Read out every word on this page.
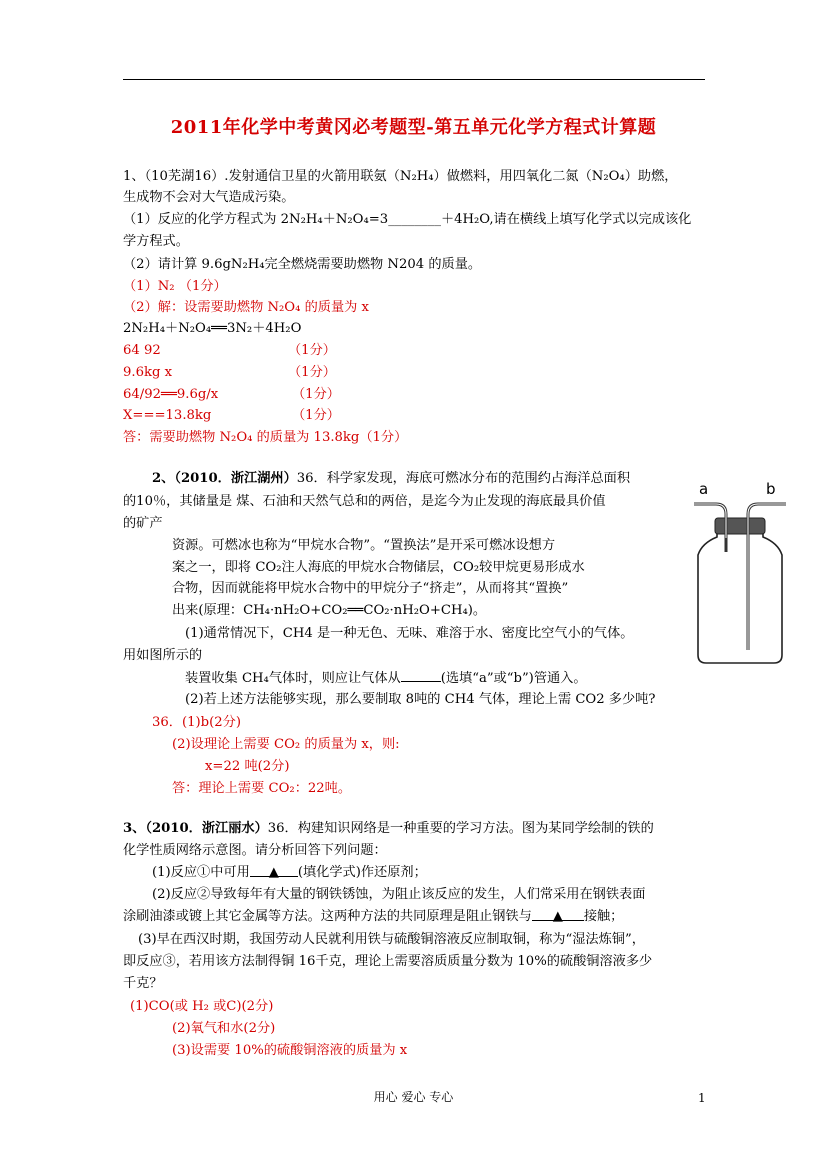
2011年化学中考黄冈必考题型-第五单元化学方程式计算题
1、（10芜湖16）.发射通信卫星的火箭用联氨（N₂H₄）做燃料，用四氧化二氮（N₂O₄）助燃，
生成物不会对大气造成污染。
（1）反应的化学方程式为 2N₂H₄＋N₂O₄=3________＋4H₂O,请在横线上填写化学式以完成该化
学方程式。
（2）请计算 9.6gN₂H₄完全燃烧需要助燃物 N204 的质量。
（1）N₂ （1分）
（2）解：设需要助燃物 N₂O₄ 的质量为 x
2N₂H₄＋N₂O₄══3N₂＋4H₂O
64 92	（1分）
9.6kg x	（1分）
64/92══9.6g/x	（1分）
X===13.8kg	（1分）
答：需要助燃物 N₂O₄ 的质量为 13.8kg（1分）
2、（2010．浙江湖州）36．科学家发现，海底可燃冰分布的范围约占海洋总面积
的10％，其储量是 煤、石油和天然气总和的两倍，是迄今为止发现的海底最具价值
的矿产
资源。可燃冰也称为“甲烷水合物”。“置换法”是开采可燃冰设想方
案之一，即将 CO₂注人海底的甲烷水合物储层，CO₂较甲烷更易形成水
合物，因而就能将甲烷水合物中的甲烷分子“挤走”，从而将其“置换”
出来(原理：CH₄·nH₂O+CO₂══CO₂·nH₂O+CH₄)。
(1)通常情况下，CH4 是一种无色、无味、难溶于水、密度比空气小的气体。
用如图所示的
装置收集 CH₄气体时，则应让气体从	(选填“a”或“b”)管通入。
(2)若上述方法能够实现，那么要制取 8吨的 CH4 气体，理论上需 CO2 多少吨?
36．(1)b(2分)
(2)设理论上需要 CO₂ 的质量为 x，则:
x=22 吨(2分)
答：理论上需要 CO₂：22吨。
a	b
3、（2010．浙江丽水）36．构建知识网络是一种重要的学习方法。图为某同学绘制的铁的
化学性质网络示意图。请分析回答下列问题：
(1)反应①中可用 ▲ (填化学式)作还原剂；
(2)反应②导致每年有大量的钢铁锈蚀，为阻止该反应的发生，人们常采用在钢铁表面
涂刷油漆或镀上其它金属等方法。这两种方法的共同原理是阻止钢铁与 ▲ 接触；
(3)早在西汉时期，我国劳动人民就利用铁与硫酸铜溶液反应制取铜，称为“湿法炼铜”，
即反应③，若用该方法制得铜 16千克，理论上需要溶质质量分数为 10%的硫酸铜溶液多少
千克？
(1)CO(或 H₂ 或C)(2分)
(2)氧气和水(2分)
(3)设需要 10%的硫酸铜溶液的质量为 x
用心 爱心 专心	1
